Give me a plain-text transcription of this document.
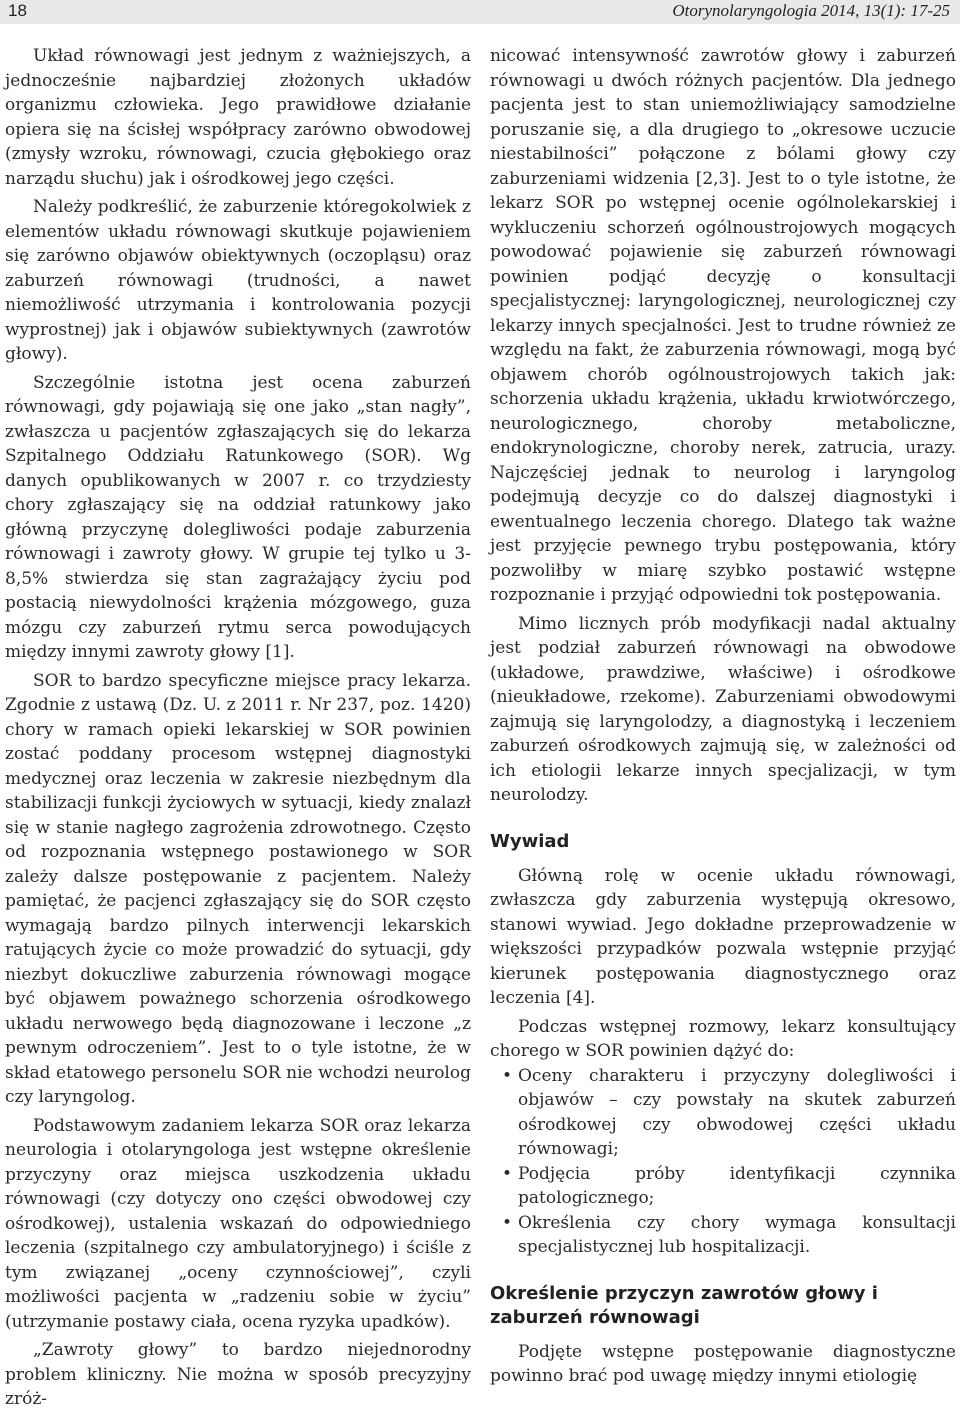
18	Otorynolaryngologia 2014, 13(1): 17-25

Układ równowagi jest jednym z ważniejszych, a jednocześnie najbardziej złożonych układów organizmu człowieka. Jego prawidłowe działanie opiera się na ścisłej współpracy zarówno obwodowej (zmysły wzroku, równowagi, czucia głębokiego oraz narządu słuchu) jak i ośrodkowej jego części.

Należy podkreślić, że zaburzenie któregokolwiek z elementów układu równowagi skutkuje pojawieniem się zarówno objawów obiektywnych (oczopląsu) oraz zaburzeń równowagi (trudności, a nawet niemożliwość utrzymania i kontrolowania pozycji wyprostnej) jak i objawów subiektywnych (zawrotów głowy).

Szczególnie istotna jest ocena zaburzeń równowagi, gdy pojawiają się one jako „stan nagły”, zwłaszcza u pacjentów zgłaszających się do lekarza Szpitalnego Oddziału Ratunkowego (SOR). Wg danych opublikowanych w 2007 r. co trzydziesty chory zgłaszający się na oddział ratunkowy jako główną przyczynę dolegliwości podaje zaburzenia równowagi i zawroty głowy. W grupie tej tylko u 3-8,5% stwierdza się stan zagrażający życiu pod postacią niewydolności krążenia mózgowego, guza mózgu czy zaburzeń rytmu serca powodujących między innymi zawroty głowy [1].

SOR to bardzo specyficzne miejsce pracy lekarza. Zgodnie z ustawą (Dz. U. z 2011 r. Nr 237, poz. 1420) chory w ramach opieki lekarskiej w SOR powinien zostać poddany procesom wstępnej diagnostyki medycznej oraz leczenia w zakresie niezbędnym dla stabilizacji funkcji życiowych w sytuacji, kiedy znalazł się w stanie nagłego zagrożenia zdrowotnego. Często od rozpoznania wstępnego postawionego w SOR zależy dalsze postępowanie z pacjentem. Należy pamiętać, że pacjenci zgłaszający się do SOR często wymagają bardzo pilnych interwencji lekarskich ratujących życie co może prowadzić do sytuacji, gdy niezbyt dokuczliwe zaburzenia równowagi mogące być objawem poważnego schorzenia ośrodkowego układu nerwowego będą diagnozowane i leczone „z pewnym odroczeniem”. Jest to o tyle istotne, że w skład etatowego personelu SOR nie wchodzi neurolog czy laryngolog.

Podstawowym zadaniem lekarza SOR oraz lekarza neurologia i otolaryngologa jest wstępne określenie przyczyny oraz miejsca uszkodzenia układu równowagi (czy dotyczy ono części obwodowej czy ośrodkowej), ustalenia wskazań do odpowiedniego leczenia (szpitalnego czy ambulatoryjnego) i ściśle z tym związanej „oceny czynnościowej”, czyli możliwości pacjenta w „radzeniu sobie w życiu” (utrzymanie postawy ciała, ocena ryzyka upadków).

„Zawroty głowy” to bardzo niejednorodny problem kliniczny. Nie można w sposób precyzyjny zróż-

nicować intensywność zawrotów głowy i zaburzeń równowagi u dwóch różnych pacjentów. Dla jednego pacjenta jest to stan uniemożliwiający samodzielne poruszanie się, a dla drugiego to „okresowe uczucie niestabilności” połączone z bólami głowy czy zaburzeniami widzenia [2,3]. Jest to o tyle istotne, że lekarz SOR po wstępnej ocenie ogólnolekarskiej i wykluczeniu schorzeń ogólnoustrojowych mogących powodować pojawienie się zaburzeń równowagi powinien podjąć decyzję o konsultacji specjalistycznej: laryngologicznej, neurologicznej czy lekarzy innych specjalności. Jest to trudne również ze względu na fakt, że zaburzenia równowagi, mogą być objawem chorób ogólnoustrojowych takich jak: schorzenia układu krążenia, układu krwiotwórczego, neurologicznego, choroby metaboliczne, endokrynologiczne, choroby nerek, zatrucia, urazy. Najczęściej jednak to neurolog i laryngolog podejmują decyzje co do dalszej diagnostyki i ewentualnego leczenia chorego. Dlatego tak ważne jest przyjęcie pewnego trybu postępowania, który pozwoliłby w miarę szybko postawić wstępne rozpoznanie i przyjąć odpowiedni tok postępowania.

Mimo licznych prób modyfikacji nadal aktualny jest podział zaburzeń równowagi na obwodowe (układowe, prawdziwe, właściwe) i ośrodkowe (nieukładowe, rzekome). Zaburzeniami obwodowymi zajmują się laryngolodzy, a diagnostyką i leczeniem zaburzeń ośrodkowych zajmują się, w zależności od ich etiologii lekarze innych specjalizacji, w tym neurolodzy.

Wywiad

Główną rolę w ocenie układu równowagi, zwłaszcza gdy zaburzenia występują okresowo, stanowi wywiad. Jego dokładne przeprowadzenie w większości przypadków pozwala wstępnie przyjąć kierunek postępowania diagnostycznego oraz leczenia [4].

Podczas wstępnej rozmowy, lekarz konsultujący chorego w SOR powinien dążyć do:

• Oceny charakteru i przyczyny dolegliwości i objawów – czy powstały na skutek zaburzeń ośrodkowej czy obwodowej części układu równowagi;
• Podjęcia próby identyfikacji czynnika patologicznego;
• Określenia czy chory wymaga konsultacji specjalistycznej lub hospitalizacji.
Określenie przyczyn zawrotów głowy i zaburzeń równowagi

Podjęte wstępne postępowanie diagnostyczne powinno brać pod uwagę między innymi etiologię
